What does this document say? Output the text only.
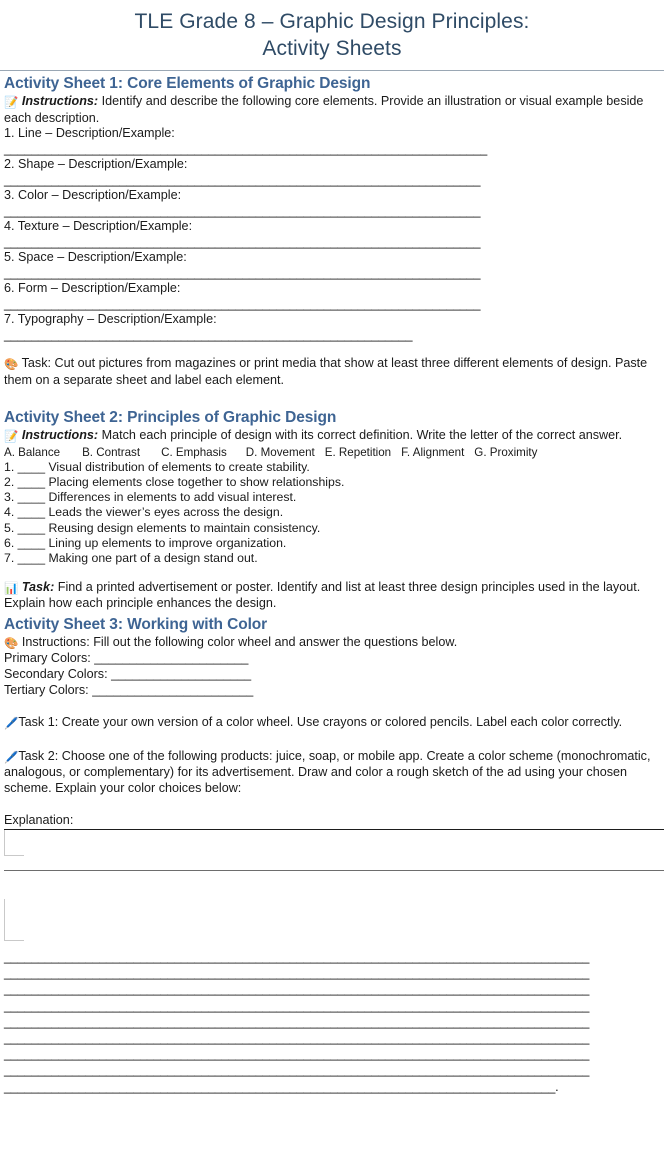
TLE Grade 8 – Graphic Design Principles:
Activity Sheets
Activity Sheet 1: Core Elements of Graphic Design

📝 Instructions: Identify and describe the following core elements. Provide an illustration or visual example beside each description.

1. Line – Description/Example:
_______________________________________________________________________
2. Shape – Description/Example:
______________________________________________________________________
3. Color – Description/Example:
______________________________________________________________________
4. Texture – Description/Example:
______________________________________________________________________
5. Space – Description/Example:
______________________________________________________________________
6. Form – Description/Example:
______________________________________________________________________
7. Typography – Description/Example:
____________________________________________________________

🎨 Task: Cut out pictures from magazines or print media that show at least three different elements of design. Paste them on a separate sheet and label each element.

Activity Sheet 2: Principles of Graphic Design

📝 Instructions: Match each principle of design with its correct definition. Write the letter of the correct answer.

A. Balance B. Contrast C. Emphasis D. Movement E. Repetition F. Alignment G. Proximity
1. ____ Visual distribution of elements to create stability.
2. ____ Placing elements close together to show relationships.
3. ____ Differences in elements to add visual interest.
4. ____ Leads the viewer’s eyes across the design.
5. ____ Reusing design elements to maintain consistency.
6. ____ Lining up elements to improve organization.
7. ____ Making one part of a design stand out.

📊 Task: Find a printed advertisement or poster. Identify and list at least three design principles used in the layout. Explain how each principle enhances the design.

Activity Sheet 3: Working with Color

🎨 Instructions: Fill out the following color wheel and answer the questions below.

Primary Colors: ______________________
Secondary Colors: ____________________
Tertiary Colors: _______________________

🖊️Task 1: Create your own version of a color wheel. Use crayons or colored pencils. Label each color correctly.

🖊️Task 2: Choose one of the following products: juice, soap, or mobile app. Create a color scheme (monochromatic, analogous, or complementary) for its advertisement. Draw and color a rough sketch of the ad using your chosen scheme. Explain your color choices below:

Explanation:

______________________________________________________________________________________
______________________________________________________________________________________
______________________________________________________________________________________
______________________________________________________________________________________
______________________________________________________________________________________
______________________________________________________________________________________
______________________________________________________________________________________
______________________________________________________________________________________
_________________________________________________________________________________.
